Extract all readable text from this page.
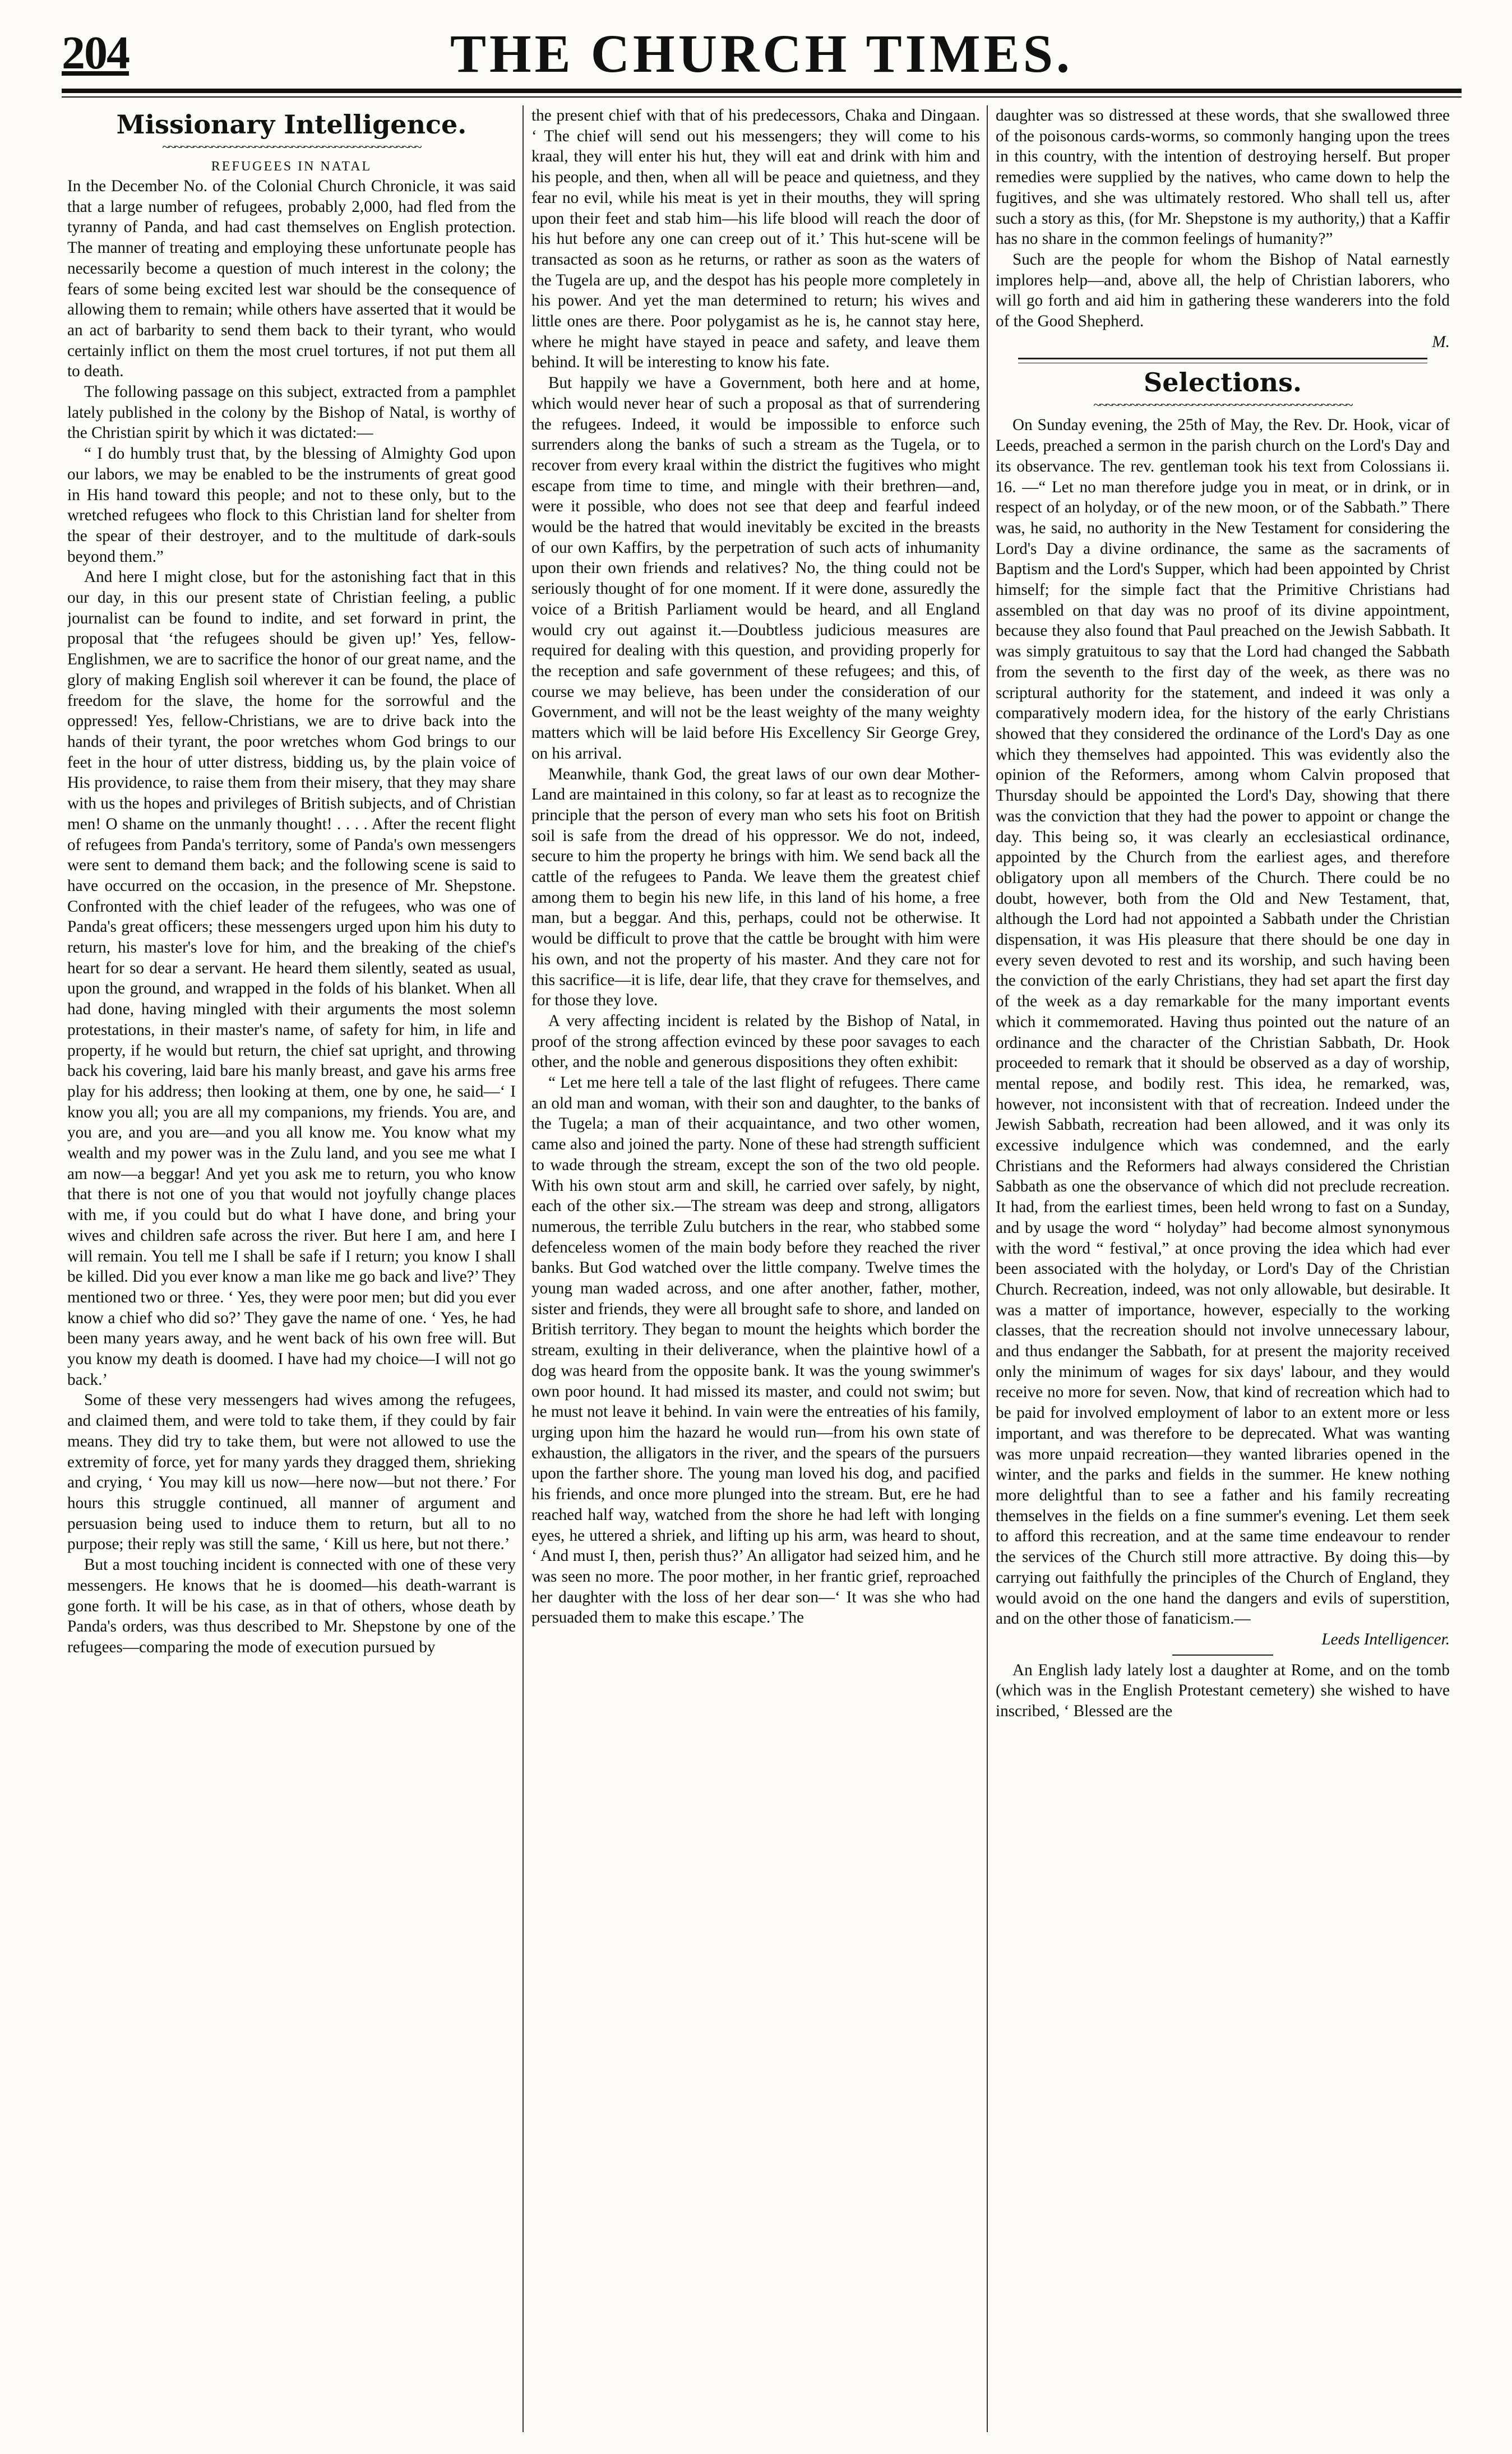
204	THE CHURCH TIMES.
Missionary Intelligence.
~~~~~~~~~~~~~~~~~~~~~~~~~~~~~~~~~~~~~~~~~~
REFUGEES IN NATAL

In the December No. of the Colonial Church Chronicle, it was said that a large number of refugees, probably 2,000, had fled from the tyranny of Panda, and had cast themselves on English protection. The manner of treating and employing these unfortunate people has necessarily become a question of much interest in the colony; the fears of some being excited lest war should be the consequence of allowing them to remain; while others have asserted that it would be an act of barbarity to send them back to their tyrant, who would certainly inflict on them the most cruel tortures, if not put them all to death.

The following passage on this subject, extracted from a pamphlet lately published in the colony by the Bishop of Natal, is worthy of the Christian spirit by which it was dictated:—

“ I do humbly trust that, by the blessing of Almighty God upon our labors, we may be enabled to be the instruments of great good in His hand toward this people; and not to these only, but to the wretched refugees who flock to this Christian land for shelter from the spear of their destroyer, and to the multitude of dark-souls beyond them.”

And here I might close, but for the astonishing fact that in this our day, in this our present state of Christian feeling, a public journalist can be found to indite, and set forward in print, the proposal that ‘the refugees should be given up!’ Yes, fellow-Englishmen, we are to sacrifice the honor of our great name, and the glory of making English soil wherever it can be found, the place of freedom for the slave, the home for the sorrowful and the oppressed! Yes, fellow-Christians, we are to drive back into the hands of their tyrant, the poor wretches whom God brings to our feet in the hour of utter distress, bidding us, by the plain voice of His providence, to raise them from their misery, that they may share with us the hopes and privileges of British subjects, and of Christian men! O shame on the unmanly thought! . . . . After the recent flight of refugees from Panda's territory, some of Panda's own messengers were sent to demand them back; and the following scene is said to have occurred on the occasion, in the presence of Mr. Shepstone. Confronted with the chief leader of the refugees, who was one of Panda's great officers; these messengers urged upon him his duty to return, his master's love for him, and the breaking of the chief's heart for so dear a servant. He heard them silently, seated as usual, upon the ground, and wrapped in the folds of his blanket. When all had done, having mingled with their arguments the most solemn protestations, in their master's name, of safety for him, in life and property, if he would but return, the chief sat upright, and throwing back his covering, laid bare his manly breast, and gave his arms free play for his address; then looking at them, one by one, he said—‘ I know you all; you are all my companions, my friends. You are, and you are, and you are—and you all know me. You know what my wealth and my power was in the Zulu land, and you see me what I am now—a beggar! And yet you ask me to return, you who know that there is not one of you that would not joyfully change places with me, if you could but do what I have done, and bring your wives and children safe across the river. But here I am, and here I will remain. You tell me I shall be safe if I return; you know I shall be killed. Did you ever know a man like me go back and live?’ They mentioned two or three. ‘ Yes, they were poor men; but did you ever know a chief who did so?’ They gave the name of one. ‘ Yes, he had been many years away, and he went back of his own free will. But you know my death is doomed. I have had my choice—I will not go back.’

Some of these very messengers had wives among the refugees, and claimed them, and were told to take them, if they could by fair means. They did try to take them, but were not allowed to use the extremity of force, yet for many yards they dragged them, shrieking and crying, ‘ You may kill us now—here now—but not there.’ For hours this struggle continued, all manner of argument and persuasion being used to induce them to return, but all to no purpose; their reply was still the same, ‘ Kill us here, but not there.’

But a most touching incident is connected with one of these very messengers. He knows that he is doomed—his death-warrant is gone forth. It will be his case, as in that of others, whose death by Panda's orders, was thus described to Mr. Shepstone by one of the refugees—comparing the mode of execution pursued by

the present chief with that of his predecessors, Chaka and Dingaan. ‘ The chief will send out his messengers; they will come to his kraal, they will enter his hut, they will eat and drink with him and his people, and then, when all will be peace and quietness, and they fear no evil, while his meat is yet in their mouths, they will spring upon their feet and stab him—his life blood will reach the door of his hut before any one can creep out of it.’ This hut-scene will be transacted as soon as he returns, or rather as soon as the waters of the Tugela are up, and the despot has his people more completely in his power. And yet the man determined to return; his wives and little ones are there. Poor polygamist as he is, he cannot stay here, where he might have stayed in peace and safety, and leave them behind. It will be interesting to know his fate.

But happily we have a Government, both here and at home, which would never hear of such a proposal as that of surrendering the refugees. Indeed, it would be impossible to enforce such surrenders along the banks of such a stream as the Tugela, or to recover from every kraal within the district the fugitives who might escape from time to time, and mingle with their brethren—and, were it possible, who does not see that deep and fearful indeed would be the hatred that would inevitably be excited in the breasts of our own Kaffirs, by the perpetration of such acts of inhumanity upon their own friends and relatives? No, the thing could not be seriously thought of for one moment. If it were done, assuredly the voice of a British Parliament would be heard, and all England would cry out against it.—Doubtless judicious measures are required for dealing with this question, and providing properly for the reception and safe government of these refugees; and this, of course we may believe, has been under the consideration of our Government, and will not be the least weighty of the many weighty matters which will be laid before His Excellency Sir George Grey, on his arrival.

Meanwhile, thank God, the great laws of our own dear Mother-Land are maintained in this colony, so far at least as to recognize the principle that the person of every man who sets his foot on British soil is safe from the dread of his oppressor. We do not, indeed, secure to him the property he brings with him. We send back all the cattle of the refugees to Panda. We leave them the greatest chief among them to begin his new life, in this land of his home, a free man, but a beggar. And this, perhaps, could not be otherwise. It would be difficult to prove that the cattle be brought with him were his own, and not the property of his master. And they care not for this sacrifice—it is life, dear life, that they crave for themselves, and for those they love.

A very affecting incident is related by the Bishop of Natal, in proof of the strong affection evinced by these poor savages to each other, and the noble and generous dispositions they often exhibit:

“ Let me here tell a tale of the last flight of refugees. There came an old man and woman, with their son and daughter, to the banks of the Tugela; a man of their acquaintance, and two other women, came also and joined the party. None of these had strength sufficient to wade through the stream, except the son of the two old people. With his own stout arm and skill, he carried over safely, by night, each of the other six.—The stream was deep and strong, alligators numerous, the terrible Zulu butchers in the rear, who stabbed some defenceless women of the main body before they reached the river banks. But God watched over the little company. Twelve times the young man waded across, and one after another, father, mother, sister and friends, they were all brought safe to shore, and landed on British territory. They began to mount the heights which border the stream, exulting in their deliverance, when the plaintive howl of a dog was heard from the opposite bank. It was the young swimmer's own poor hound. It had missed its master, and could not swim; but he must not leave it behind. In vain were the entreaties of his family, urging upon him the hazard he would run—from his own state of exhaustion, the alligators in the river, and the spears of the pursuers upon the farther shore. The young man loved his dog, and pacified his friends, and once more plunged into the stream. But, ere he had reached half way, watched from the shore he had left with longing eyes, he uttered a shriek, and lifting up his arm, was heard to shout, ‘ And must I, then, perish thus?’ An alligator had seized him, and he was seen no more. The poor mother, in her frantic grief, reproached her daughter with the loss of her dear son—‘ It was she who had persuaded them to make this escape.’ The

daughter was so distressed at these words, that she swallowed three of the poisonous cards-worms, so commonly hanging upon the trees in this country, with the intention of destroying herself. But proper remedies were supplied by the natives, who came down to help the fugitives, and she was ultimately restored. Who shall tell us, after such a story as this, (for Mr. Shepstone is my authority,) that a Kaffir has no share in the common feelings of humanity?”

Such are the people for whom the Bishop of Natal earnestly implores help—and, above all, the help of Christian laborers, who will go forth and aid him in gathering these wanderers into the fold of the Good Shepherd.

M.
Selections.
~~~~~~~~~~~~~~~~~~~~~~~~~~~~~~~~~~~~~~~~~~

On Sunday evening, the 25th of May, the Rev. Dr. Hook, vicar of Leeds, preached a sermon in the parish church on the Lord's Day and its observance. The rev. gentleman took his text from Colossians ii. 16. —“ Let no man therefore judge you in meat, or in drink, or in respect of an holyday, or of the new moon, or of the Sabbath.” There was, he said, no authority in the New Testament for considering the Lord's Day a divine ordinance, the same as the sacraments of Baptism and the Lord's Supper, which had been appointed by Christ himself; for the simple fact that the Primitive Christians had assembled on that day was no proof of its divine appointment, because they also found that Paul preached on the Jewish Sabbath. It was simply gratuitous to say that the Lord had changed the Sabbath from the seventh to the first day of the week, as there was no scriptural authority for the statement, and indeed it was only a comparatively modern idea, for the history of the early Christians showed that they considered the ordinance of the Lord's Day as one which they themselves had appointed. This was evidently also the opinion of the Reformers, among whom Calvin proposed that Thursday should be appointed the Lord's Day, showing that there was the conviction that they had the power to appoint or change the day. This being so, it was clearly an ecclesiastical ordinance, appointed by the Church from the earliest ages, and therefore obligatory upon all members of the Church. There could be no doubt, however, both from the Old and New Testament, that, although the Lord had not appointed a Sabbath under the Christian dispensation, it was His pleasure that there should be one day in every seven devoted to rest and its worship, and such having been the conviction of the early Christians, they had set apart the first day of the week as a day remarkable for the many important events which it commemorated. Having thus pointed out the nature of an ordinance and the character of the Christian Sabbath, Dr. Hook proceeded to remark that it should be observed as a day of worship, mental repose, and bodily rest. This idea, he remarked, was, however, not inconsistent with that of recreation. Indeed under the Jewish Sabbath, recreation had been allowed, and it was only its excessive indulgence which was condemned, and the early Christians and the Reformers had always considered the Christian Sabbath as one the observance of which did not preclude recreation. It had, from the earliest times, been held wrong to fast on a Sunday, and by usage the word “ holyday” had become almost synonymous with the word “ festival,” at once proving the idea which had ever been associated with the holyday, or Lord's Day of the Christian Church. Recreation, indeed, was not only allowable, but desirable. It was a matter of importance, however, especially to the working classes, that the recreation should not involve unnecessary labour, and thus endanger the Sabbath, for at present the majority received only the minimum of wages for six days' labour, and they would receive no more for seven. Now, that kind of recreation which had to be paid for involved employment of labor to an extent more or less important, and was therefore to be deprecated. What was wanting was more unpaid recreation—they wanted libraries opened in the winter, and the parks and fields in the summer. He knew nothing more delightful than to see a father and his family recreating themselves in the fields on a fine summer's evening. Let them seek to afford this recreation, and at the same time endeavour to render the services of the Church still more attractive. By doing this—by carrying out faithfully the principles of the Church of England, they would avoid on the one hand the dangers and evils of superstition, and on the other those of fanaticism.—

Leeds Intelligencer.

An English lady lately lost a daughter at Rome, and on the tomb (which was in the English Protestant cemetery) she wished to have inscribed, ‘ Blessed are the
